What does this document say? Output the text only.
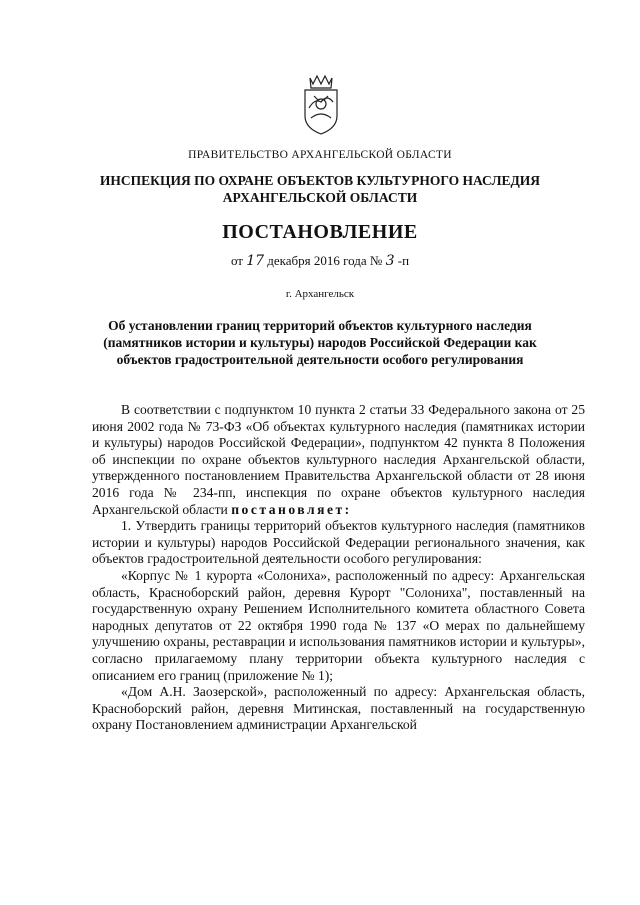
ПРАВИТЕЛЬСТВО АРХАНГЕЛЬСКОЙ ОБЛАСТИ
ИНСПЕКЦИЯ ПО ОХРАНЕ ОБЪЕКТОВ КУЛЬТУРНОГО НАСЛЕДИЯ
АРХАНГЕЛЬСКОЙ ОБЛАСТИ
ПОСТАНОВЛЕНИЕ
от 17 декабря 2016 года № 3 -п
г. Архангельск
Об установлении границ территорий объектов культурного наследия
(памятников истории и культуры) народов Российской Федерации как
объектов градостроительной деятельности особого регулирования

В соответствии с подпунктом 10 пункта 2 статьи 33 Федерального закона от 25 июня 2002 года № 73-ФЗ «Об объектах культурного наследия (памятниках истории и культуры) народов Российской Федерации», подпунктом 42 пункта 8 Положения об инспекции по охране объектов культурного наследия Архангельской области, утвержденного постановлением Правительства Архангельской области от 28 июня 2016 года № 234-пп, инспекция по охране объектов культурного наследия Архангельской области постановляет:

1. Утвердить границы территорий объектов культурного наследия (памятников истории и культуры) народов Российской Федерации регионального значения, как объектов градостроительной деятельности особого регулирования:

«Корпус № 1 курорта «Солониха», расположенный по адресу: Архангельская область, Красноборский район, деревня Курорт "Солониха", поставленный на государственную охрану Решением Исполнительного комитета областного Совета народных депутатов от 22 октября 1990 года № 137 «О мерах по дальнейшему улучшению охраны, реставрации и использования памятников истории и культуры», согласно прилагаемому плану территории объекта культурного наследия с описанием его границ (приложение № 1);

«Дом А.Н. Заозерской», расположенный по адресу: Архангельская область, Красноборский район, деревня Митинская, поставленный на государственную охрану Постановлением администрации Архангельской
